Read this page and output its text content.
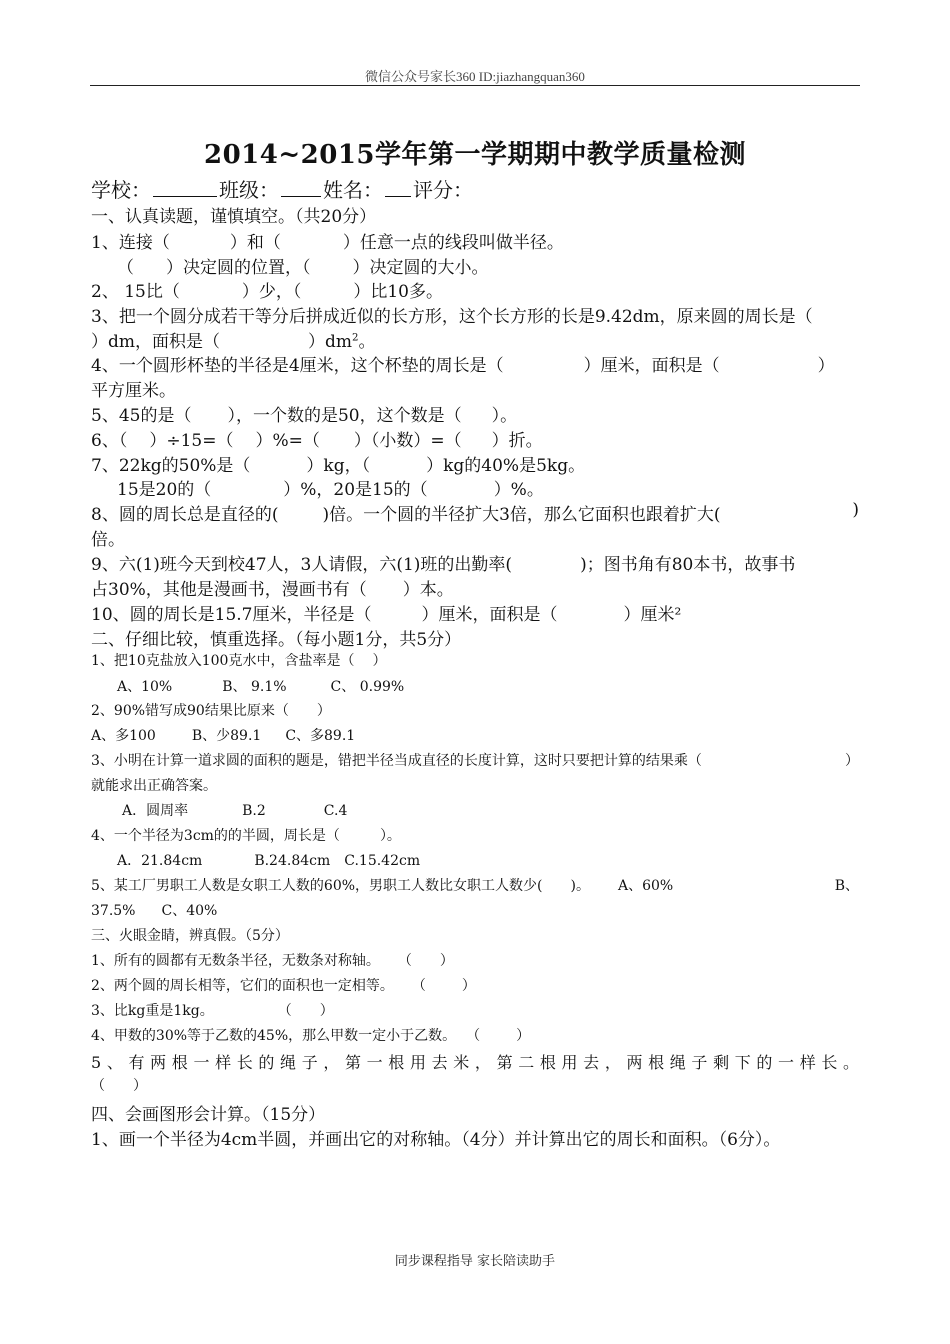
微信公众号家长360 ID:jiazhangquan360
2014~2015学年第一学期期中教学质量检测
学校：	班级： 姓名： 评分：
一、认真读题，谨慎填空。（共20分）
1、连接（	）和（	）任意一点的线段叫做半径。
（ ）决定圆的位置，（ ）决定圆的大小。
2、 15比（	）少，（	）比10多。
3、把一个圆分成若干等分后拼成近似的长方形，这个长方形的长是9.42dm，原来圆的周长是（
）dm，面积是（	）$dm^2$。
4、一个圆形杯垫的半径是4厘米，这个杯垫的周长是（	）厘米，面积是（	）
平方厘米。
5、45的是（ ），一个数的是50，这个数是（ ）。
6、（ ）÷15=（ ）%=（ ）（小数）=（ ）折。
7、22kg的50%是（	）kg，（	）kg的40%是5kg。
15是20的（	）%，20是15的（	）%。
8、圆的周长总是直径的(	)倍。一个圆的半径扩大3倍，那么它面积也跟着扩大(	)
倍。
9、六(1)班今天到校47人，3人请假，六(1)班的出勤率(	)；图书角有80本书，故事书
占30%，其他是漫画书，漫画书有（ ）本。
10、圆的周长是15.7厘米，半径是（	）厘米，面积是（	）厘米²
二、仔细比较，慎重选择。（每小题1分，共5分）
1、把10克盐放入100克水中，含盐率是（ ）
A、10%	B、 9.1%	C、 0.99%
2、90%错写成90结果比原来（ ）
A、多100	B、少89.1 C、多89.1
3、小明在计算一道求圆的面积的题是，错把半径当成直径的长度计算，这时只要把计算的结果乘（	）
就能求出正确答案。
A．圆周率	B.2	C.4
4、一个半径为3cm的的半圆，周长是（	）。
A．21.84cm	B.24.84cm C.15.42cm
5、某工厂男职工人数是女职工人数的60%，男职工人数比女职工人数少( )。 A、60%	B、
37.5% C、40%
三、火眼金睛，辨真假。（5分）
1、所有的圆都有无数条半径，无数条对称轴。 （ ）
2、两个圆的周长相等，它们的面积也一定相等。 （	）
3、比kg重是1kg。	（ ）
4、甲数的30%等于乙数的45%，那么甲数一定小于乙数。 （	）
5、有两根一样长的绳子，第一根用去米，第二根用去，两根绳子剩下的一样长。
（ ）
四、会画图形会计算。（15分）
1、画一个半径为4cm半圆，并画出它的对称轴。（4分）并计算出它的周长和面积。（6分）。
同步课程指导 家长陪读助手
